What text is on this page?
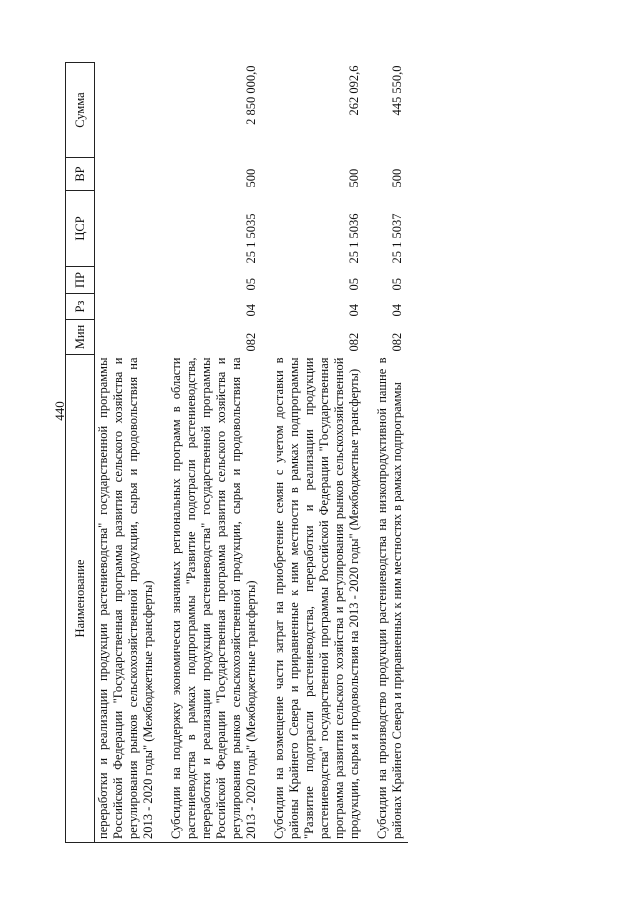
440
Наименование	Мин	Рз	ПР	ЦСР	ВР	Сумма
переработки и реализации продукции растениеводства" государственной программы Российской Федерации "Государственная программа развития сельского хозяйства и регулирования рынков сельскохозяйственной продукции, сырья и продовольствия на 2013 - 2020 годы" (Межбюджетные трансферты)						

Субсидии на поддержку экономически значимых региональных программ в области растениеводства в рамках подпрограммы "Развитие подотрасли растениеводства, переработки и реализации продукции растениеводства" государственной программы Российской Федерации "Государственная программа развития сельского хозяйства и регулирования рынков сельскохозяйственной продукции, сырья и продовольствия на 2013 - 2020 годы" (Межбюджетные трансферты)	082	04	05	25 1 5035	500	2 850 000,0

Субсидии на возмещение части затрат на приобретение семян с учетом доставки в районы Крайнего Севера и приравненные к ним местности в рамках подпрограммы "Развитие подотрасли растениеводства, переработки и реализации продукции растениеводства" государственной программы Российской Федерации "Государственная программа развития сельского хозяйства и регулирования рынков сельскохозяйственной продукции, сырья и продовольствия на 2013 - 2020 годы" (Межбюджетные трансферты)	082	04	05	25 1 5036	500	262 092,6

Субсидии на производство продукции растениеводства на низкопродуктивной пашне в районах Крайнего Севера и приравненных к ним местностях в рамках подпрограммы	082	04	05	25 1 5037	500	445 550,0
